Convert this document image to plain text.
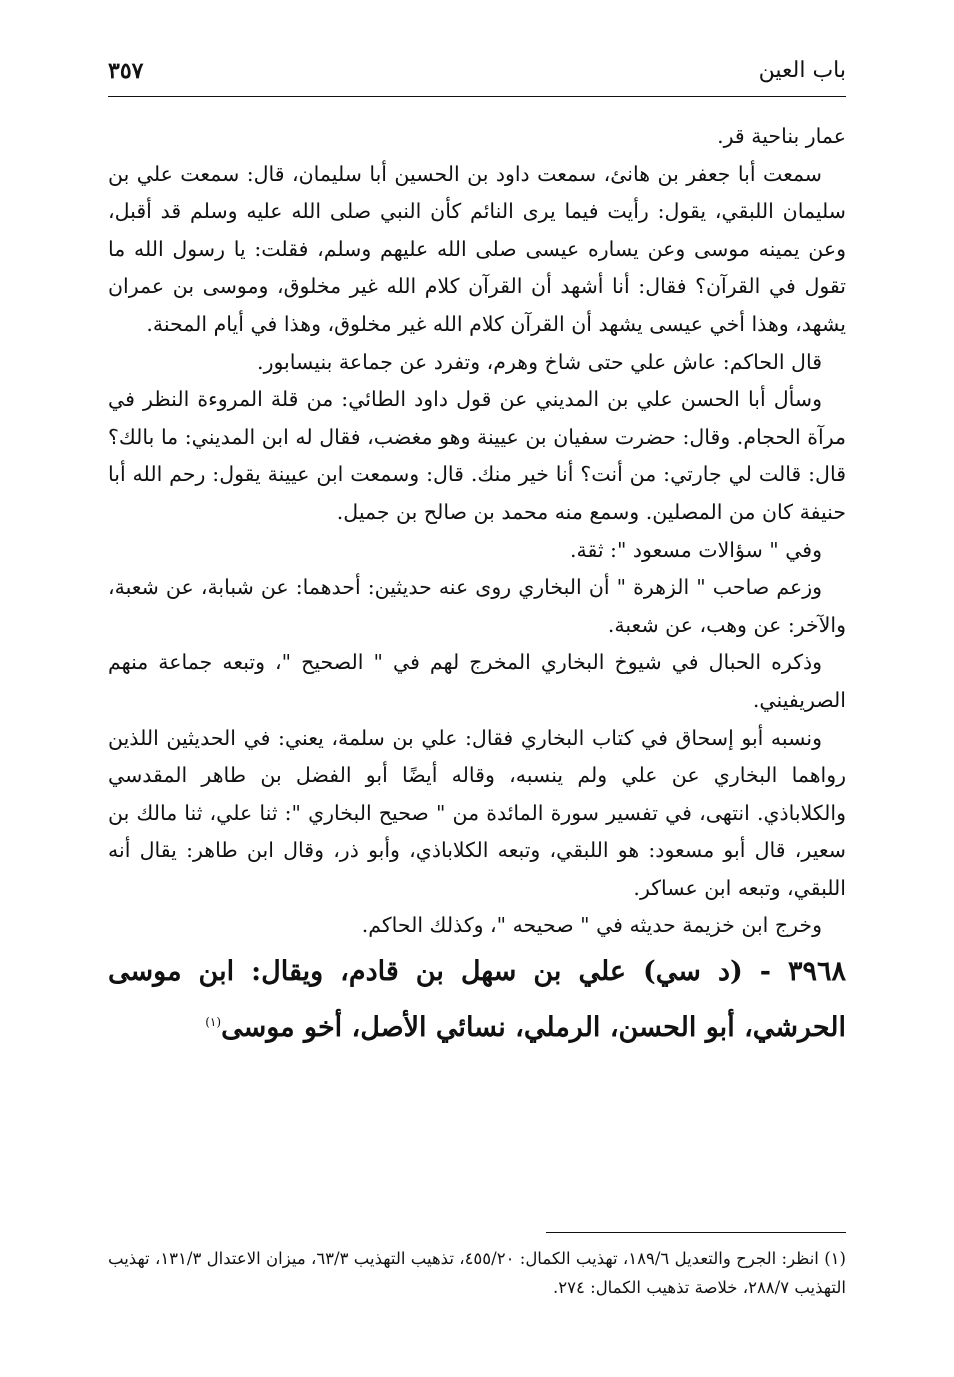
باب العين
٣٥٧

عمار بناحية قر.

سمعت أبا جعفر بن هانئ، سمعت داود بن الحسين أبا سليمان، قال: سمعت علي بن سليمان اللبقي، يقول: رأيت فيما يرى النائم كأن النبي صلى الله عليه وسلم قد أقبل، وعن يمينه موسى وعن يساره عيسى صلى الله عليهم وسلم، فقلت: يا رسول الله ما تقول في القرآن؟ فقال: أنا أشهد أن القرآن كلام الله غير مخلوق، وموسى بن عمران يشهد، وهذا أخي عيسى يشهد أن القرآن كلام الله غير مخلوق، وهذا في أيام المحنة.

قال الحاكم: عاش علي حتى شاخ وهرم، وتفرد عن جماعة بنيسابور.

وسأل أبا الحسن علي بن المديني عن قول داود الطائي: من قلة المروءة النظر في مرآة الحجام. وقال: حضرت سفيان بن عيينة وهو مغضب، فقال له ابن المديني: ما بالك؟ قال: قالت لي جارتي: من أنت؟ أنا خير منك. قال: وسمعت ابن عيينة يقول: رحم الله أبا حنيفة كان من المصلين. وسمع منه محمد بن صالح بن جميل.

وفي " سؤالات مسعود ": ثقة.

وزعم صاحب " الزهرة " أن البخاري روى عنه حديثين: أحدهما: عن شبابة، عن شعبة، والآخر: عن وهب، عن شعبة.

وذكره الحبال في شيوخ البخاري المخرج لهم في " الصحيح "، وتبعه جماعة منهم الصريفيني.

ونسبه أبو إسحاق في كتاب البخاري فقال: علي بن سلمة، يعني: في الحديثين اللذين رواهما البخاري عن علي ولم ينسبه، وقاله أيضًا أبو الفضل بن طاهر المقدسي والكلاباذي. انتهى، في تفسير سورة المائدة من " صحيح البخاري ": ثنا علي، ثنا مالك بن سعير، قال أبو مسعود: هو اللبقي، وتبعه الكلاباذي، وأبو ذر، وقال ابن طاهر: يقال أنه اللبقي، وتبعه ابن عساكر.

وخرج ابن خزيمة حديثه في " صحيحه "، وكذلك الحاكم.

٣٩٦٨ - (د سي) علي بن سهل بن قادم، ويقال: ابن موسى الحرشي، أبو الحسن، الرملي، نسائي الأصل، أخو موسى$^{(١)}$

(١) انظر: الجرح والتعديل ١٨٩/٦، تهذيب الكمال: ٤٥٥/٢٠، تذهيب التهذيب ٦٣/٣، ميزان الاعتدال ١٣١/٣، تهذيب التهذيب ٢٨٨/٧، خلاصة تذهيب الكمال: ٢٧٤.
